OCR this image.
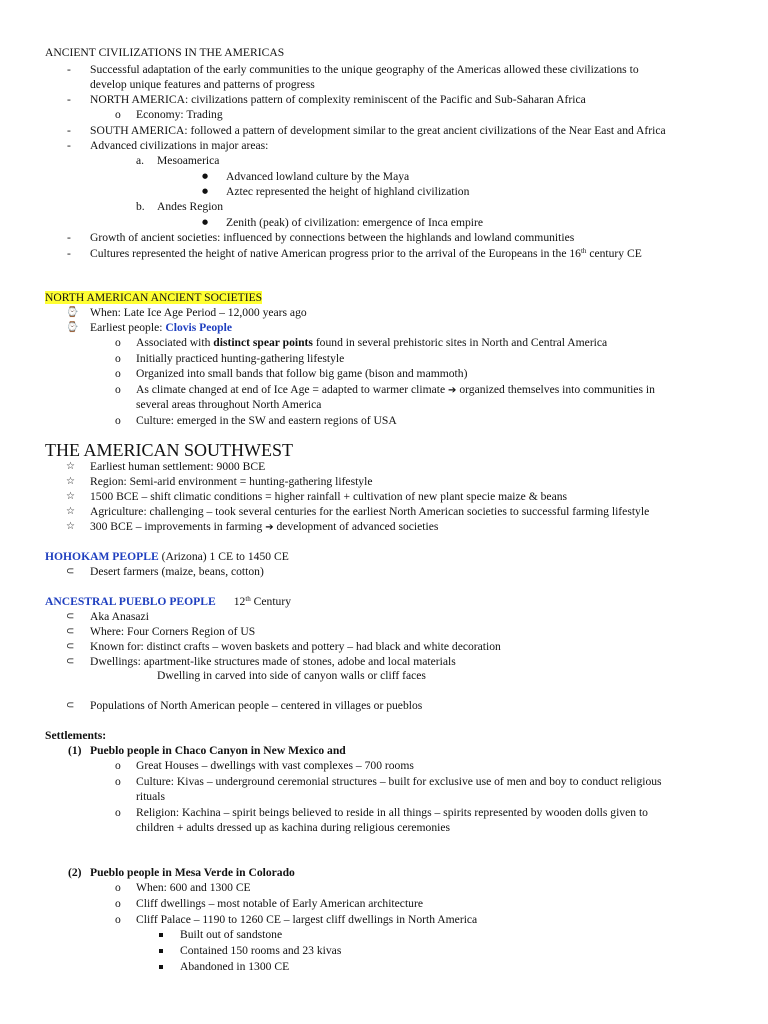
ANCIENT CIVILIZATIONS IN THE AMERICAS
- Successful adaptation of the early communities to the unique geography of the Americas allowed these civilizations to
develop unique features and patterns of progress
- NORTH AMERICA: civilizations pattern of complexity reminiscent of the Pacific and Sub-Saharan Africa
o Economy: Trading
- SOUTH AMERICA: followed a pattern of development similar to the great ancient civilizations of the Near East and Africa
- Advanced civilizations in major areas:
a. Mesoamerica
● Advanced lowland culture by the Maya
● Aztec represented the height of highland civilization
b. Andes Region
● Zenith (peak) of civilization: emergence of Inca empire
- Growth of ancient societies: influenced by connections between the highlands and lowland communities
- Cultures represented the height of native American progress prior to the arrival of the Europeans in the 16th century CE
NORTH AMERICAN ANCIENT SOCIETIES
⌚ When: Late Ice Age Period – 12,000 years ago
⌚ Earliest people: Clovis People
o Associated with distinct spear points found in several prehistoric sites in North and Central America
o Initially practiced hunting-gathering lifestyle
o Organized into small bands that follow big game (bison and mammoth)
o As climate changed at end of Ice Age = adapted to warmer climate ➔ organized themselves into communities in
several areas throughout North America
o Culture: emerged in the SW and eastern regions of USA
THE AMERICAN SOUTHWEST
☆ Earliest human settlement: 9000 BCE
☆ Region: Semi-arid environment = hunting-gathering lifestyle
☆ 1500 BCE – shift climatic conditions = higher rainfall + cultivation of new plant specie maize & beans
☆ Agriculture: challenging – took several centuries for the earliest North American societies to successful farming lifestyle
☆ 300 BCE – improvements in farming ➔ development of advanced societies
HOHOKAM PEOPLE (Arizona) 1 CE to 1450 CE
⊂ Desert farmers (maize, beans, cotton)
ANCESTRAL PUEBLO PEOPLE 12th Century
⊂ Aka Anasazi
⊂ Where: Four Corners Region of US
⊂ Known for: distinct crafts – woven baskets and pottery – had black and white decoration
⊂ Dwellings: apartment-like structures made of stones, adobe and local materials
Dwelling in carved into side of canyon walls or cliff faces
⊂ Populations of North American people – centered in villages or pueblos
Settlements:
(1) Pueblo people in Chaco Canyon in New Mexico and
o Great Houses – dwellings with vast complexes – 700 rooms
o Culture: Kivas – underground ceremonial structures – built for exclusive use of men and boy to conduct religious
rituals
o Religion: Kachina – spirit beings believed to reside in all things – spirits represented by wooden dolls given to
children + adults dressed up as kachina during religious ceremonies
(2) Pueblo people in Mesa Verde in Colorado
o When: 600 and 1300 CE
o Cliff dwellings – most notable of Early American architecture
o Cliff Palace – 1190 to 1260 CE – largest cliff dwellings in North America
Built out of sandstone
Contained 150 rooms and 23 kivas
Abandoned in 1300 CE
